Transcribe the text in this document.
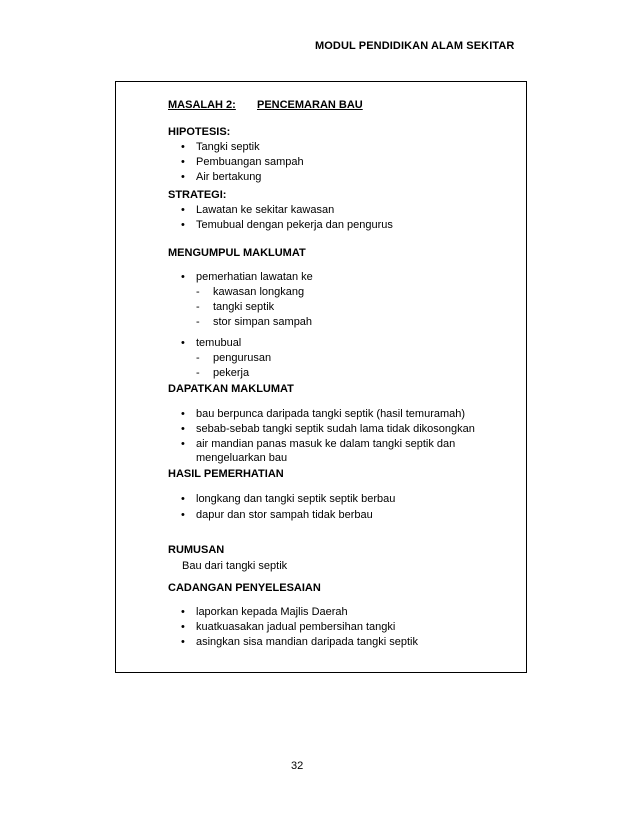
MODUL PENDIDIKAN ALAM SEKITAR
MASALAH 2: PENCEMARAN BAU
HIPOTESIS:
• Tangki septik
• Pembuangan sampah
• Air bertakung
STRATEGI:
• Lawatan ke sekitar kawasan
• Temubual dengan pekerja dan pengurus
MENGUMPUL MAKLUMAT
• pemerhatian lawatan ke
- kawasan longkang
- tangki septik
- stor simpan sampah
• temubual
- pengurusan
- pekerja
DAPATKAN MAKLUMAT
• bau berpunca daripada tangki septik (hasil temuramah)
• sebab-sebab tangki septik sudah lama tidak dikosongkan
• air mandian panas masuk ke dalam tangki septik dan
mengeluarkan bau
HASIL PEMERHATIAN
• longkang dan tangki septik septik berbau
• dapur dan stor sampah tidak berbau
RUMUSAN
Bau dari tangki septik
CADANGAN PENYELESAIAN
• laporkan kepada Majlis Daerah
• kuatkuasakan jadual pembersihan tangki
• asingkan sisa mandian daripada tangki septik
32
